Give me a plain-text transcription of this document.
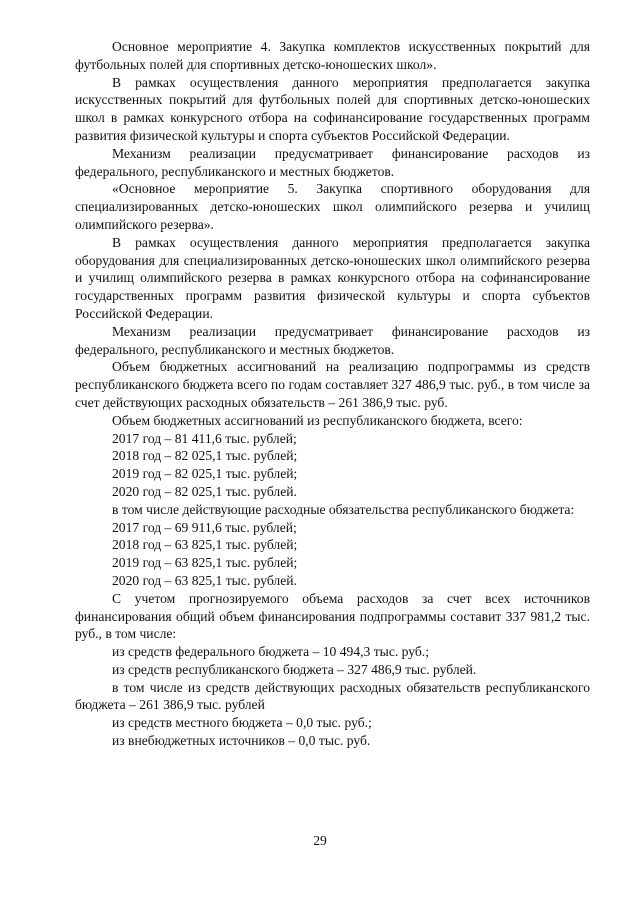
Основное мероприятие 4. Закупка комплектов искусственных покрытий для футбольных полей для спортивных детско-юношеских школ».

В рамках осуществления данного мероприятия предполагается закупка искусственных покрытий для футбольных полей для спортивных детско-юношеских школ в рамках конкурсного отбора на софинансирование государственных программ развития физической культуры и спорта субъектов Российской Федерации.

Механизм реализации предусматривает финансирование расходов из федерального, республиканского и местных бюджетов.

«Основное мероприятие 5. Закупка спортивного оборудования для специализированных детско-юношеских школ олимпийского резерва и училищ олимпийского резерва».

В рамках осуществления данного мероприятия предполагается закупка оборудования для специализированных детско-юношеских школ олимпийского резерва и училищ олимпийского резерва в рамках конкурсного отбора на софинансирование государственных программ развития физической культуры и спорта субъектов Российской Федерации.

Механизм реализации предусматривает финансирование расходов из федерального, республиканского и местных бюджетов.

Объем бюджетных ассигнований на реализацию подпрограммы из средств республиканского бюджета всего по годам составляет 327 486,9 тыс. руб., в том числе за счет действующих расходных обязательств – 261 386,9 тыс. руб.

Объем бюджетных ассигнований из республиканского бюджета, всего:

2017 год – 81 411,6 тыс. рублей;

2018 год – 82 025,1 тыс. рублей;

2019 год – 82 025,1 тыс. рублей;

2020 год – 82 025,1 тыс. рублей.

в том числе действующие расходные обязательства республиканского бюджета:

2017 год – 69 911,6 тыс. рублей;

2018 год – 63 825,1 тыс. рублей;

2019 год – 63 825,1 тыс. рублей;

2020 год – 63 825,1 тыс. рублей.

С учетом прогнозируемого объема расходов за счет всех источников финансирования общий объем финансирования подпрограммы составит 337 981,2 тыс. руб., в том числе:

из средств федерального бюджета – 10 494,3 тыс. руб.;

из средств республиканского бюджета – 327 486,9 тыс. рублей.

в том числе из средств действующих расходных обязательств республиканского бюджета – 261 386,9 тыс. рублей

из средств местного бюджета – 0,0 тыс. руб.;

из внебюджетных источников – 0,0 тыс. руб.

29
